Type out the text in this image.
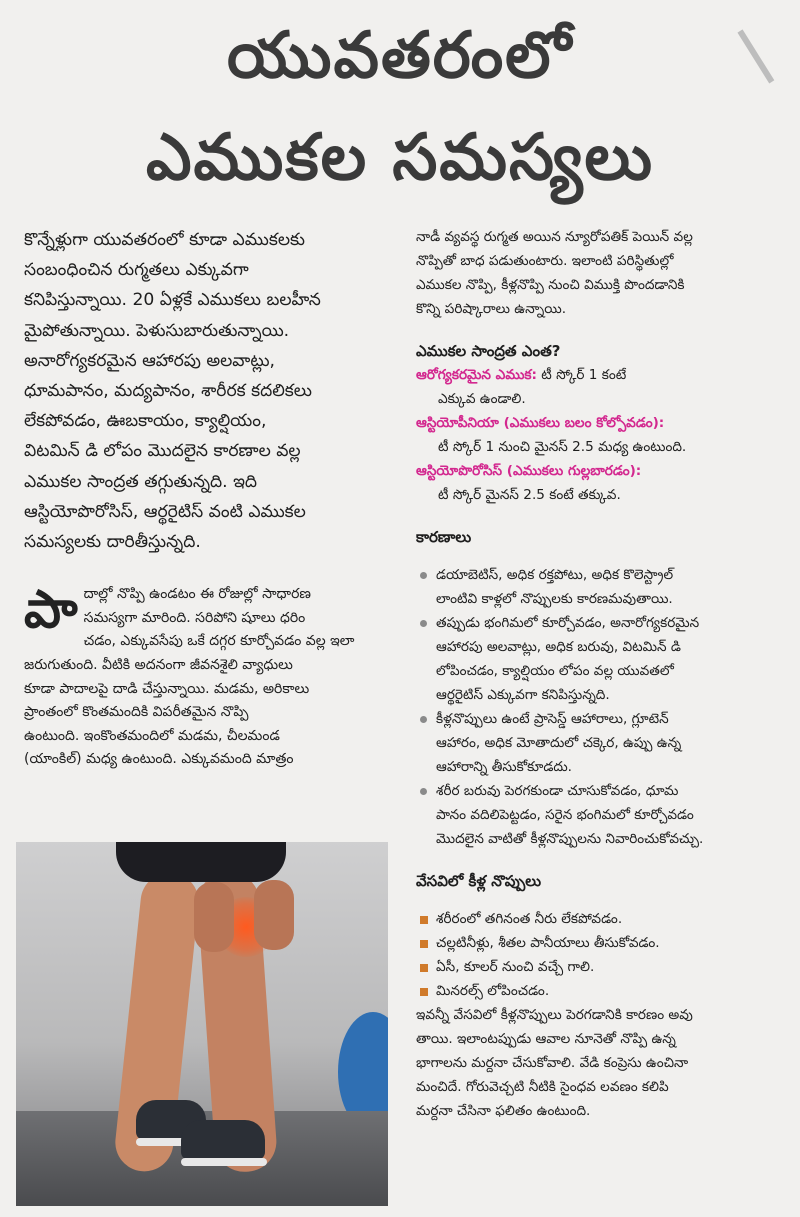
యువతరంలో
ఎముకల సమస్యలు

కొన్నేళ్లుగా యువతరంలో కూడా ఎముకలకు

సంబంధించిన రుగ్మతలు ఎక్కువగా

కనిపిస్తున్నాయి. 20 ఏళ్లకే ఎముకలు బలహీన

మైపోతున్నాయి. పెళుసుబారుతున్నాయి.

అనారోగ్యకరమైన ఆహారపు అలవాట్లు,

ధూమపానం, మద్యపానం, శారీరక కదలికలు

లేకపోవడం, ఊబకాయం, క్యాల్షియం,

విటమిన్ డి లోపం మొదలైన కారణాల వల్ల

ఎముకల సాంద్రత తగ్గుతున్నది. ఇది

ఆస్టియోపొరోసిస్, ఆర్థరైటిస్ వంటి ఎముకల

సమస్యలకు దారితీస్తున్నది.

పా దాల్లో నొప్పి ఉండటం ఈ రోజుల్లో సాధారణ

సమస్యగా మారింది. సరిపోని షూలు ధరిం

చడం, ఎక్కువసేపు ఒకే దగ్గర కూర్చోవడం వల్ల ఇలా

జరుగుతుంది. వీటికి అదనంగా జీవనశైలి వ్యాధులు

కూడా పాదాలపై దాడి చేస్తున్నాయి. మడమ, అరికాలు

ప్రాంతంలో కొంతమందికి విపరీతమైన నొప్పి

ఉంటుంది. ఇంకొంతమందిలో మడమ, చీలమండ

(యాంకిల్) మధ్య ఉంటుంది. ఎక్కువమంది మాత్రం

నాడీ వ్యవస్థ రుగ్మత అయిన న్యూరోపతిక్ పెయిన్ వల్ల

నొప్పితో బాధ పడుతుంటారు. ఇలాంటి పరిస్థితుల్లో

ఎముకల నొప్పి, కీళ్లనొప్పి నుంచి విముక్తి పొందడానికి

కొన్ని పరిష్కారాలు ఉన్నాయి.

ఎముకల సాంద్రత ఎంత?

ఆరోగ్యకరమైన ఎముక: టీ స్కోర్ 1 కంటే

ఎక్కువ ఉండాలి.

ఆస్టియోపీనియా (ఎముకలు బలం కోల్పోవడం):

టీ స్కోర్ 1 నుంచి మైనస్ 2.5 మధ్య ఉంటుంది.

ఆస్టియోపొరోసిస్ (ఎముకలు గుల్లబారడం):

టీ స్కోర్ మైనస్ 2.5 కంటే తక్కువ.

కారణాలు

డయాబెటిస్, అధిక రక్తపోటు, అధిక కొలెస్ట్రాల్

లాంటివి కాళ్లలో నొప్పులకు కారణమవుతాయి.

తప్పుడు భంగిమలో కూర్చోవడం, అనారోగ్యకరమైన

ఆహారపు అలవాట్లు, అధిక బరువు, విటమిన్ డి

లోపించడం, క్యాల్షియం లోపం వల్ల యువతలో

ఆర్థరైటిస్ ఎక్కువగా కనిపిస్తున్నది.

కీళ్లనొప్పులు ఉంటే ప్రాసెస్డ్ ఆహారాలు, గ్లూటెన్

ఆహారం, అధిక మోతాదులో చక్కెర, ఉప్పు ఉన్న

ఆహారాన్ని తీసుకోకూడదు.

శరీర బరువు పెరగకుండా చూసుకోవడం, ధూమ

పానం వదిలిపెట్టడం, సరైన భంగిమలో కూర్చోవడం

మొదలైన వాటితో కీళ్లనొప్పులను నివారించుకోవచ్చు.

వేసవిలో కీళ్ల నొప్పులు

శరీరంలో తగినంత నీరు లేకపోవడం.
చల్లటినీళ్లు, శీతల పానీయాలు తీసుకోవడం.
ఏసీ, కూలర్ నుంచి వచ్చే గాలి.
మినరల్స్ లోపించడం.

ఇవన్నీ వేసవిలో కీళ్లనొప్పులు పెరగడానికి కారణం అవు

తాయి. ఇలాంటప్పుడు ఆవాల నూనెతో నొప్పి ఉన్న

భాగాలను మర్దనా చేసుకోవాలి. వేడి కంప్రెసు ఉంచినా

మంచిదే. గోరువెచ్చటి నీటికి సైంధవ లవణం కలిపి

మర్దనా చేసినా ఫలితం ఉంటుంది.
